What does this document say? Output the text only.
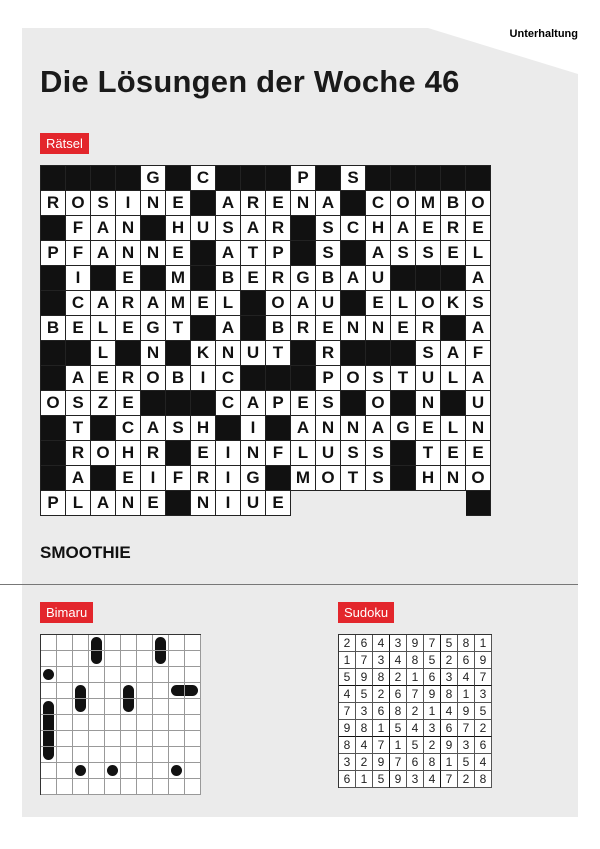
Unterhaltung
Die Lösungen der Woche 46
Rätsel
G	C	P	S
R O S I N E	A R E N A	C O M B O
F A N	H U S A R	S C H A E R E
P F A N N E	A T P	S	A S S E L
I	E	M	B E R G B A U	A
C A R A M E L	O A U	E L O K S
B E L E G T	A	B R E N N E R	A
L	N	K N U T	R	S A F
A E R O B I C	P O S T U L A
O S Z E	C A P E S	O	N	U
T	C A S H	I	A N N A G E L N
R O H R	E I N F L U S S	T E E
A	E I	F R I G	M O T S	H N O
P L A N E	N I U E
SMOOTHIE
Bimaru	Sudoku
2 6 4 3 9 7 5 8 1
1 7 3 4 8 5 2 6 9
5 9 8 2 1 6 3 4 7
4 5 2 6 7 9 8 1 3
7 3 6 8 2 1 4 9 5
9 8 1 5 4 3 6 7 2
8 4 7 1 5 2 9 3 6
3 2 9 7 6 8 1 5 4
6 1 5 9 3 4 7 2 8
